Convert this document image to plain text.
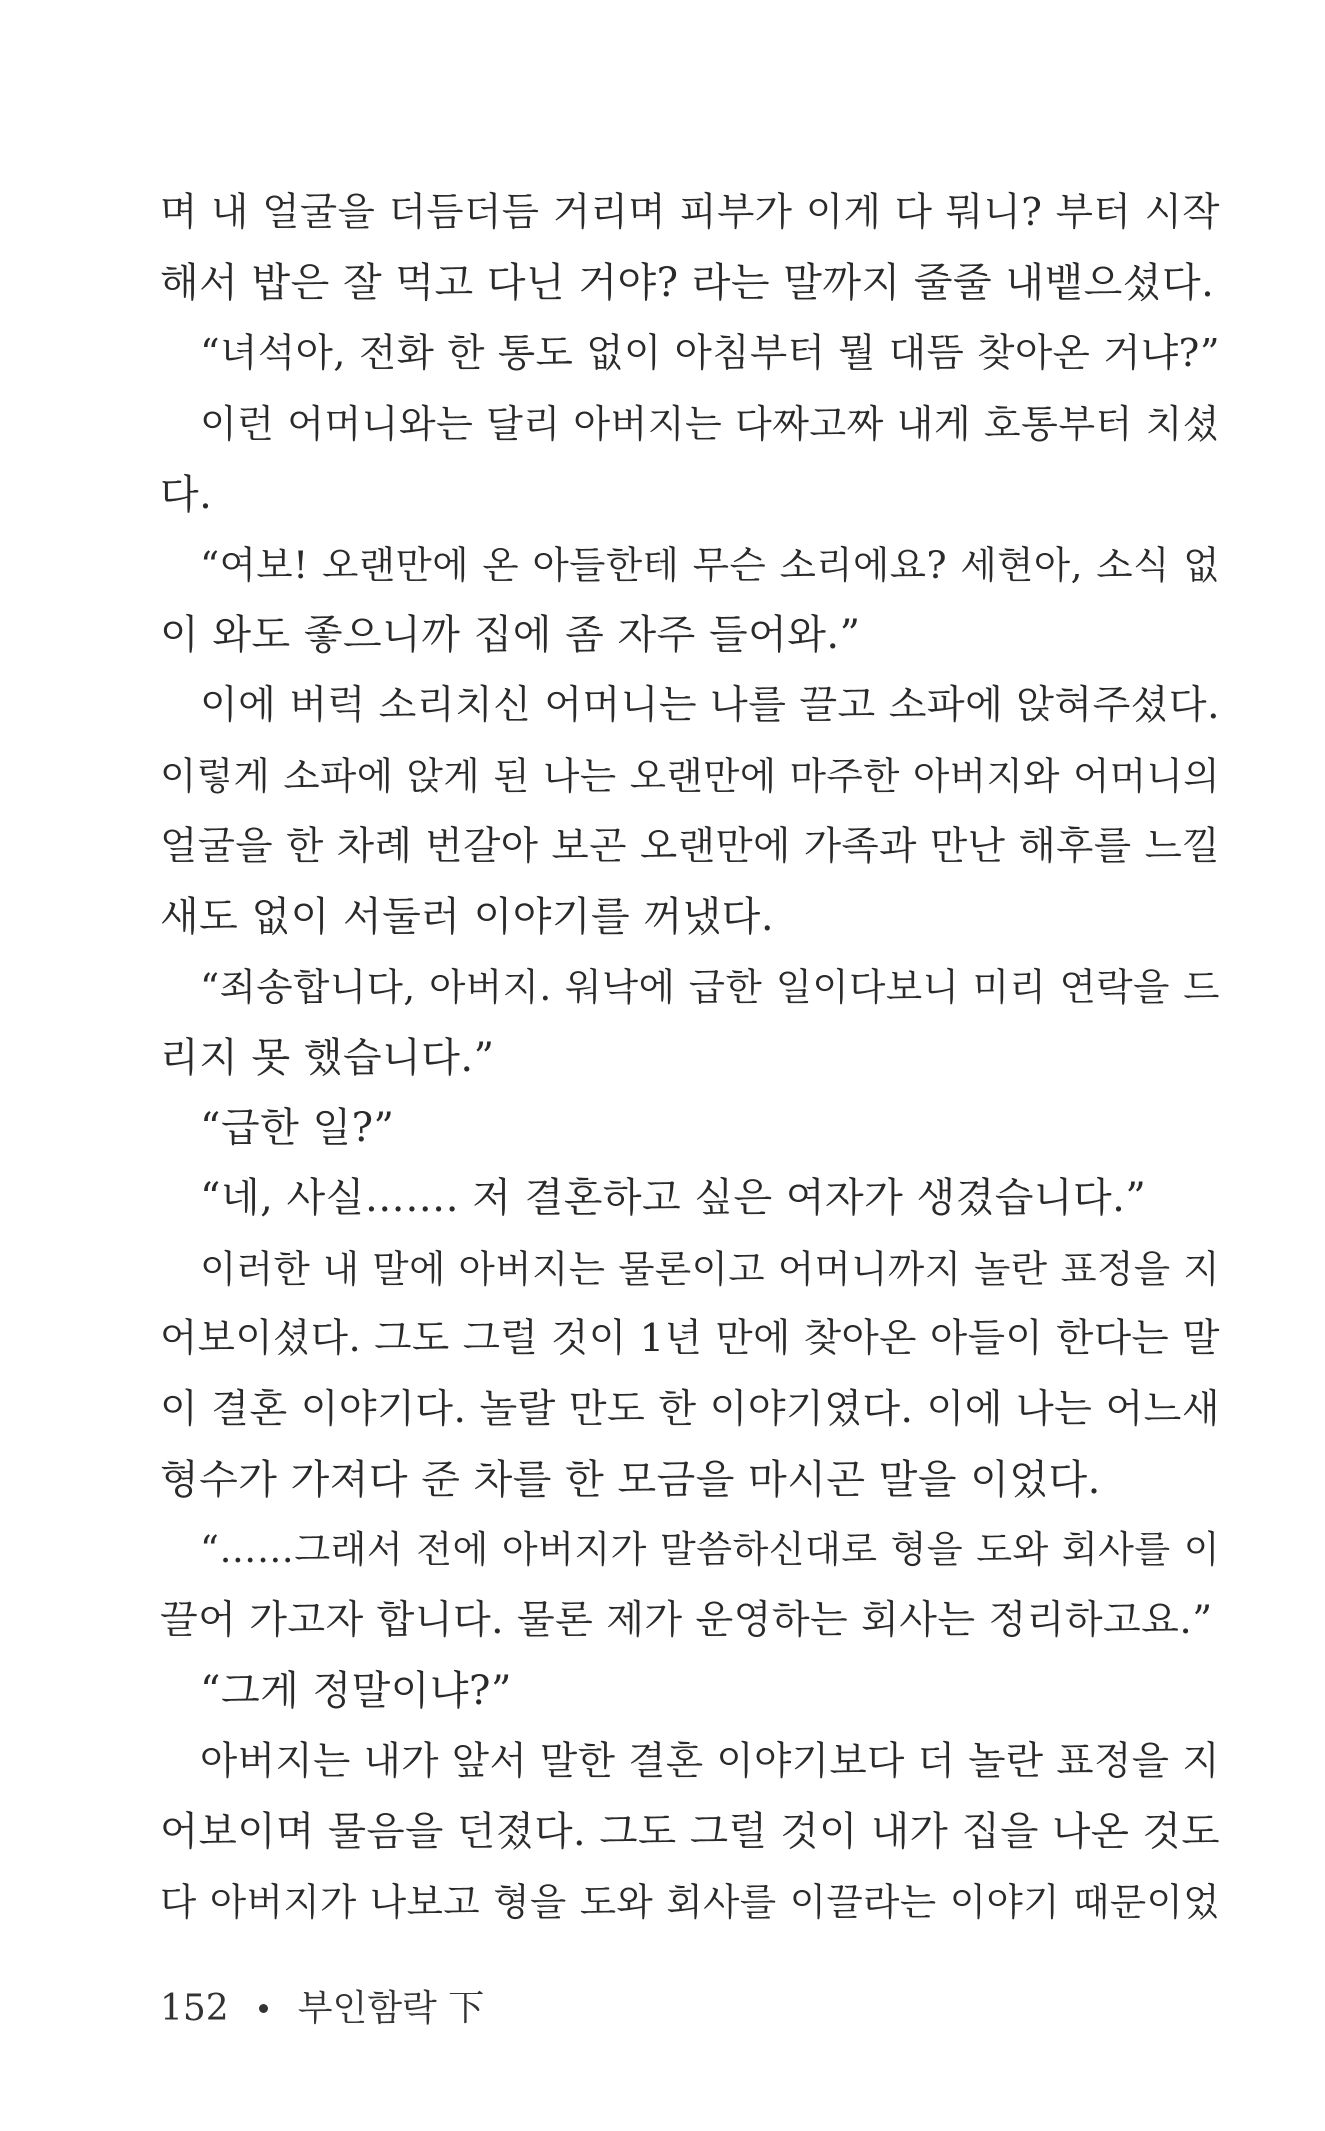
며 내 얼굴을 더듬더듬 거리며 피부가 이게 다 뭐니? 부터 시작
해서 밥은 잘 먹고 다닌 거야? 라는 말까지 줄줄 내뱉으셨다.
“녀석아, 전화 한 통도 없이 아침부터 뭘 대뜸 찾아온 거냐?”
이런 어머니와는 달리 아버지는 다짜고짜 내게 호통부터 치셨
다.
“여보! 오랜만에 온 아들한테 무슨 소리에요? 세현아, 소식 없
이 와도 좋으니까 집에 좀 자주 들어와.”
이에 버럭 소리치신 어머니는 나를 끌고 소파에 앉혀주셨다.
이렇게 소파에 앉게 된 나는 오랜만에 마주한 아버지와 어머니의
얼굴을 한 차례 번갈아 보곤 오랜만에 가족과 만난 해후를 느낄
새도 없이 서둘러 이야기를 꺼냈다.
“죄송합니다, 아버지. 워낙에 급한 일이다보니 미리 연락을 드
리지 못 했습니다.”
“급한 일?”
“네, 사실……. 저 결혼하고 싶은 여자가 생겼습니다.”
이러한 내 말에 아버지는 물론이고 어머니까지 놀란 표정을 지
어보이셨다. 그도 그럴 것이 1년 만에 찾아온 아들이 한다는 말
이 결혼 이야기다. 놀랄 만도 한 이야기였다. 이에 나는 어느새
형수가 가져다 준 차를 한 모금을 마시곤 말을 이었다.
“……그래서 전에 아버지가 말씀하신대로 형을 도와 회사를 이
끌어 가고자 합니다. 물론 제가 운영하는 회사는 정리하고요.”
“그게 정말이냐?”
아버지는 내가 앞서 말한 결혼 이야기보다 더 놀란 표정을 지
어보이며 물음을 던졌다. 그도 그럴 것이 내가 집을 나온 것도
다 아버지가 나보고 형을 도와 회사를 이끌라는 이야기 때문이었
152 부인함락 下
